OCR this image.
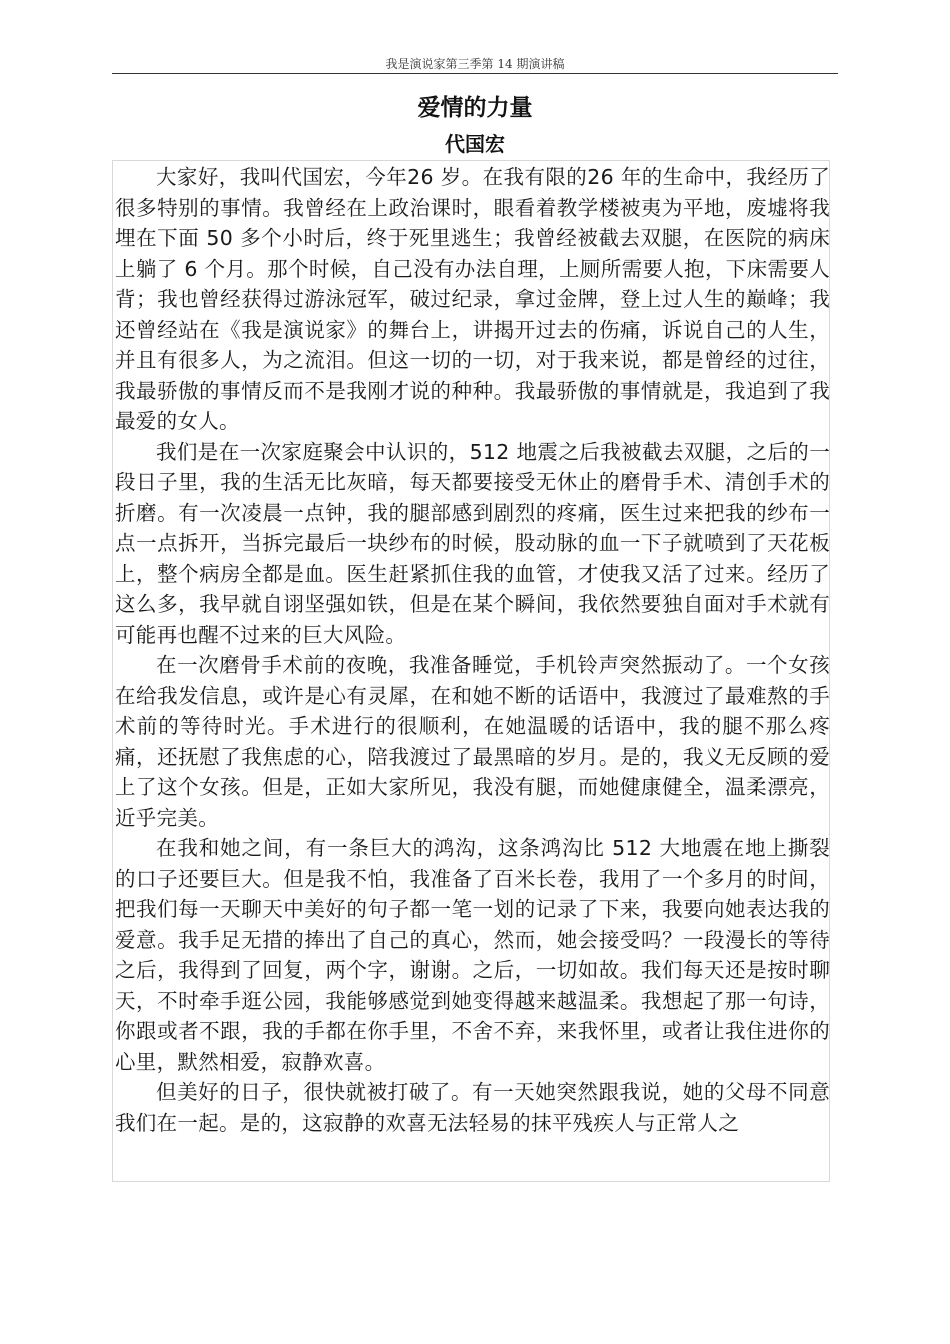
我是演说家第三季第 14 期演讲稿
爱情的力量
代国宏

大家好，我叫代国宏，今年26 岁。在我有限的26 年的生命中，我经历了很多特别的事情。我曾经在上政治课时，眼看着教学楼被夷为平地，废墟将我埋在下面 50 多个小时后，终于死里逃生；我曾经被截去双腿，在医院的病床上躺了 6 个月。那个时候，自己没有办法自理，上厕所需要人抱，下床需要人背；我也曾经获得过游泳冠军，破过纪录，拿过金牌，登上过人生的巅峰；我还曾经站在《我是演说家》的舞台上，讲揭开过去的伤痛，诉说自己的人生，并且有很多人，为之流泪。但这一切的一切，对于我来说，都是曾经的过往，我最骄傲的事情反而不是我刚才说的种种。我最骄傲的事情就是，我追到了我最爱的女人。

我们是在一次家庭聚会中认识的，512 地震之后我被截去双腿，之后的一段日子里，我的生活无比灰暗，每天都要接受无休止的磨骨手术、清创手术的折磨。有一次凌晨一点钟，我的腿部感到剧烈的疼痛，医生过来把我的纱布一点一点拆开，当拆完最后一块纱布的时候，股动脉的血一下子就喷到了天花板上，整个病房全都是血。医生赶紧抓住我的血管，才使我又活了过来。经历了这么多，我早就自诩坚强如铁，但是在某个瞬间，我依然要独自面对手术就有可能再也醒不过来的巨大风险。

在一次磨骨手术前的夜晚，我准备睡觉，手机铃声突然振动了。一个女孩在给我发信息，或许是心有灵犀，在和她不断的话语中，我渡过了最难熬的手术前的等待时光。手术进行的很顺利，在她温暖的话语中，我的腿不那么疼痛，还抚慰了我焦虑的心，陪我渡过了最黑暗的岁月。是的，我义无反顾的爱上了这个女孩。但是，正如大家所见，我没有腿，而她健康健全，温柔漂亮，近乎完美。

在我和她之间，有一条巨大的鸿沟，这条鸿沟比 512 大地震在地上撕裂的口子还要巨大。但是我不怕，我准备了百米长卷，我用了一个多月的时间，把我们每一天聊天中美好的句子都一笔一划的记录了下来，我要向她表达我的爱意。我手足无措的捧出了自己的真心，然而，她会接受吗？一段漫长的等待之后，我得到了回复，两个字，谢谢。之后，一切如故。我们每天还是按时聊天，不时牵手逛公园，我能够感觉到她变得越来越温柔。我想起了那一句诗，你跟或者不跟，我的手都在你手里，不舍不弃，来我怀里，或者让我住进你的心里，默然相爱，寂静欢喜。

但美好的日子，很快就被打破了。有一天她突然跟我说，她的父母不同意我们在一起。是的，这寂静的欢喜无法轻易的抹平残疾人与正常人之
